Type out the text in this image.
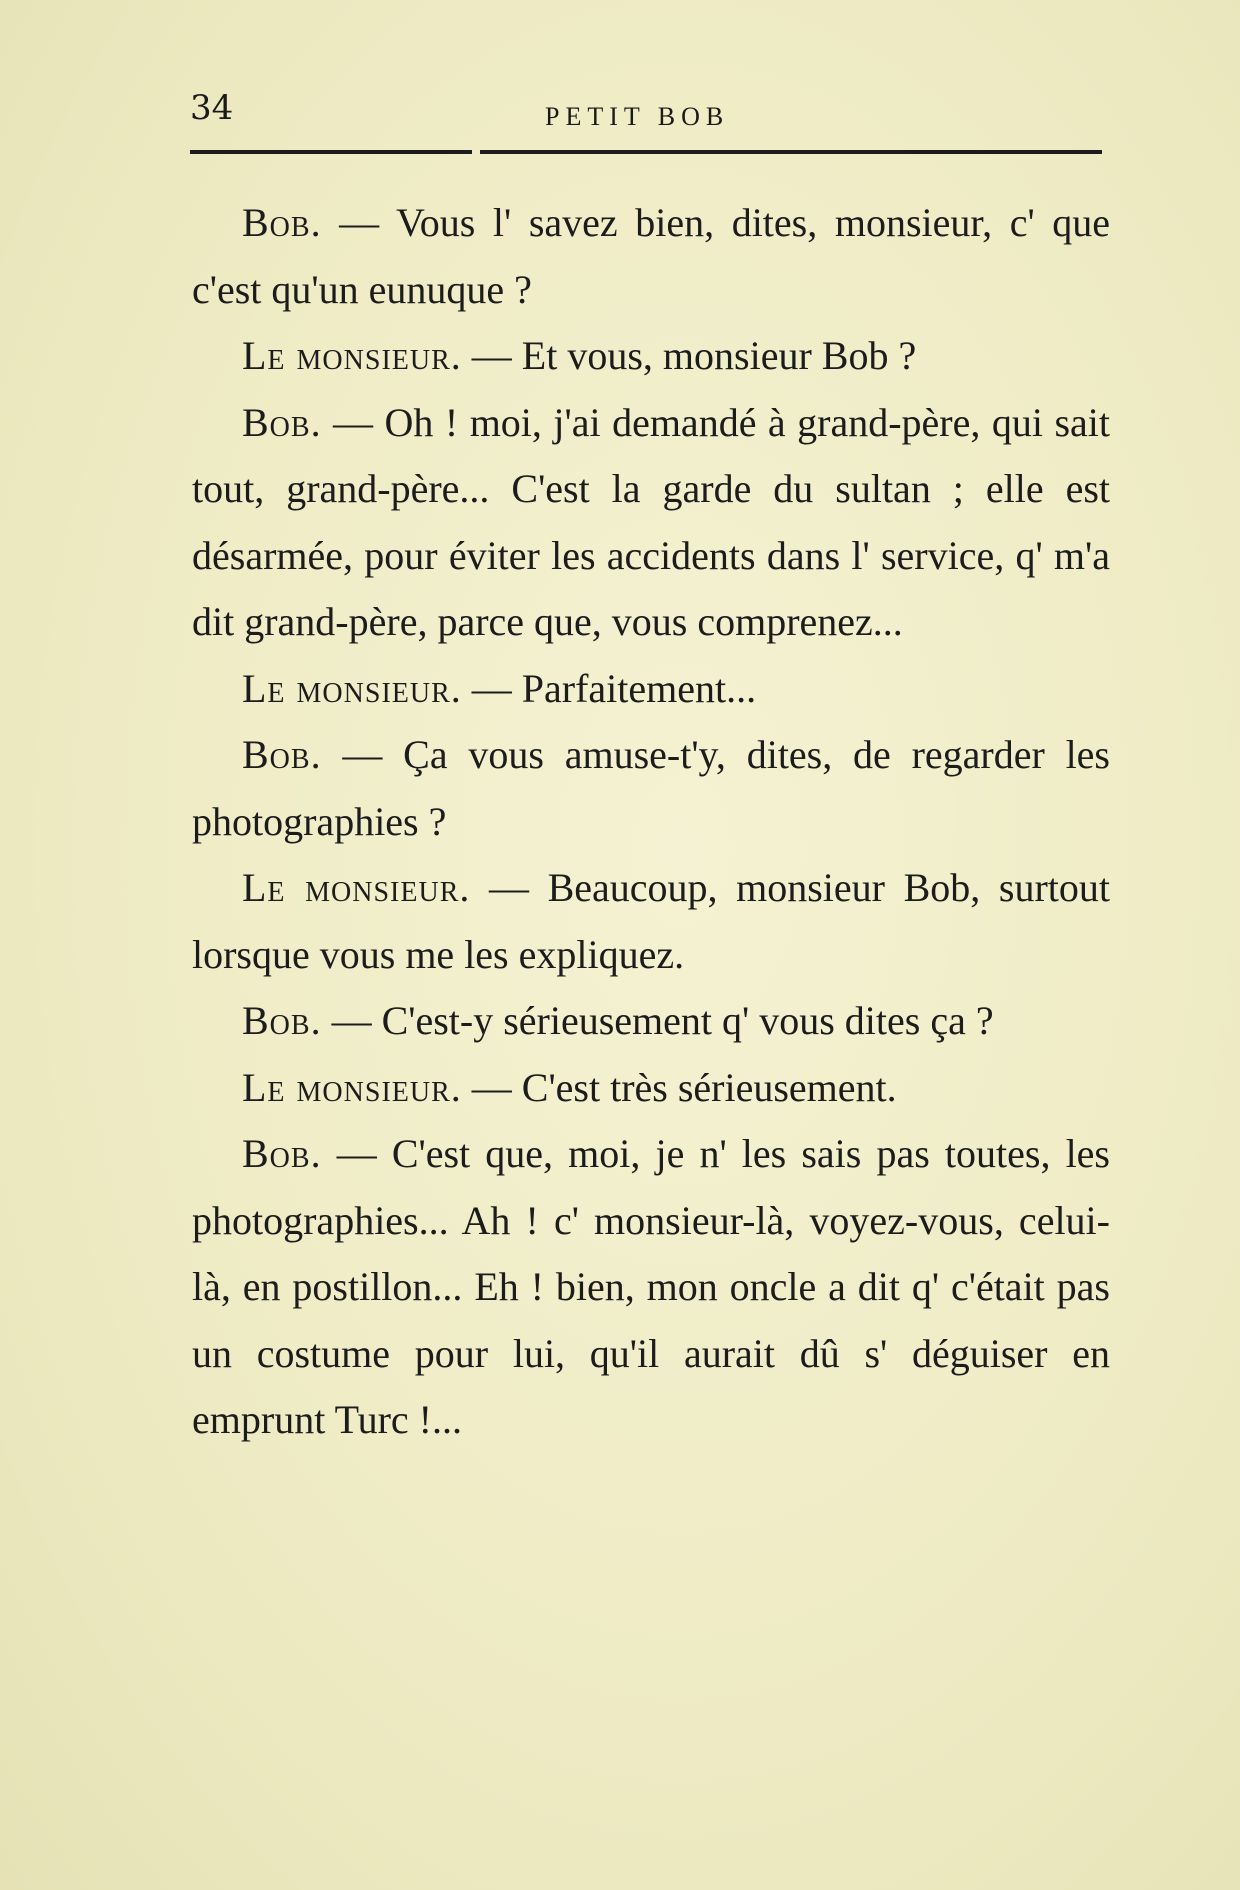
34	PETIT BOB

Bob. — Vous l' savez bien, dites, monsieur, c' que c'est qu'un eunuque ?

Le monsieur. — Et vous, monsieur Bob ?

Bob. — Oh ! moi, j'ai demandé à grand-père, qui sait tout, grand-père... C'est la garde du sultan ; elle est désarmée, pour éviter les accidents dans l' service, q' m'a dit grand-père, parce que, vous comprenez...

Le monsieur. — Parfaitement...

Bob. — Ça vous amuse-t'y, dites, de regarder les photographies ?

Le monsieur. — Beaucoup, monsieur Bob, surtout lorsque vous me les expliquez.

Bob. — C'est-y sérieusement q' vous dites ça ?

Le monsieur. — C'est très sérieusement.

Bob. — C'est que, moi, je n' les sais pas toutes, les photographies... Ah ! c' monsieur-là, voyez-vous, celui-là, en postillon... Eh ! bien, mon oncle a dit q' c'était pas un costume pour lui, qu'il aurait dû s' déguiser en emprunt Turc !...
